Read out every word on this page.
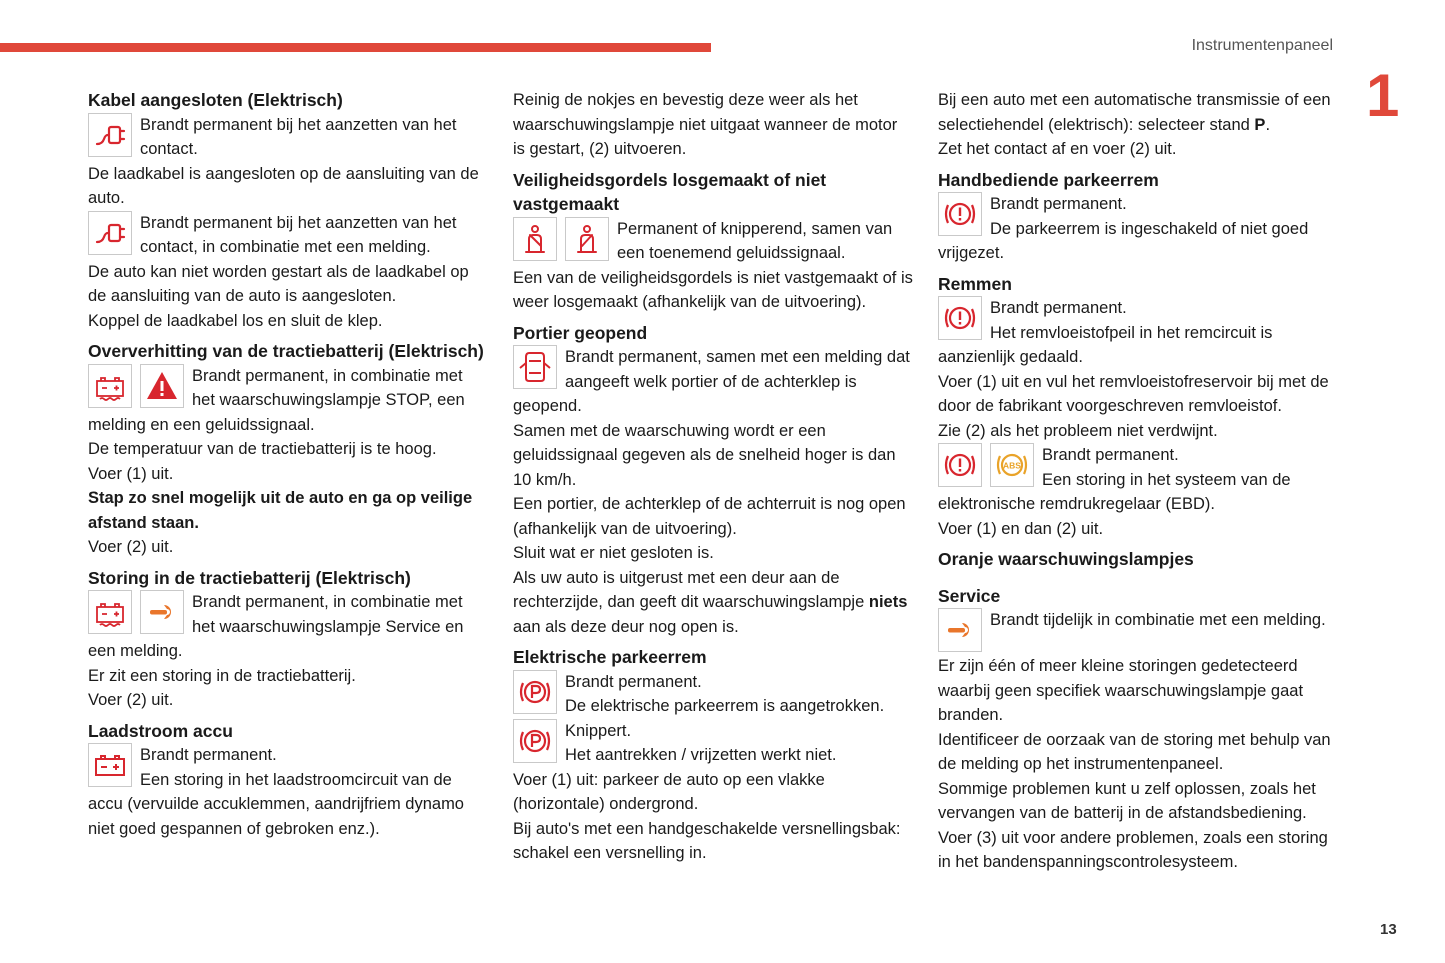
Instrumentenpaneel
1
13
Kabel aangesloten (Elektrisch)

Brandt permanent bij het aanzetten van het contact.

De laadkabel is aangesloten op de aansluiting van de auto.

Brandt permanent bij het aanzetten van het contact, in combinatie met een melding.

De auto kan niet worden gestart als de laadkabel op de aansluiting van de auto is aangesloten.

Koppel de laadkabel los en sluit de klep.

Oververhitting van de tractiebatterij (Elektrisch)

Brandt permanent, in combinatie met het waarschuwingslampje STOP, een melding en een geluidssignaal.

De temperatuur van de tractiebatterij is te hoog.

Voer (1) uit.

Stap zo snel mogelijk uit de auto en ga op veilige afstand staan.

Voer (2) uit.

Storing in de tractiebatterij (Elektrisch)

Brandt permanent, in combinatie met het waarschuwingslampje Service en een melding.

Er zit een storing in de tractiebatterij.

Voer (2) uit.

Laadstroom accu

Brandt permanent.

Een storing in het laadstroomcircuit van de accu (vervuilde accuklemmen, aandrijfriem dynamo niet goed gespannen of gebroken enz.).

Reinig de nokjes en bevestig deze weer als het waarschuwingslampje niet uitgaat wanneer de motor is gestart, (2) uitvoeren.

Veiligheidsgordels losgemaakt of niet vastgemaakt

Permanent of knipperend, samen van een toenemend geluidssignaal.

Een van de veiligheidsgordels is niet vastgemaakt of is weer losgemaakt (afhankelijk van de uitvoering).

Portier geopend

Brandt permanent, samen met een melding dat aangeeft welk portier of de achterklep is geopend.

Samen met de waarschuwing wordt er een geluidssignaal gegeven als de snelheid hoger is dan 10 km/h.

Een portier, de achterklep of de achterruit is nog open (afhankelijk van de uitvoering).

Sluit wat er niet gesloten is.

Als uw auto is uitgerust met een deur aan de rechterzijde, dan geeft dit waarschuwingslampje niets aan als deze deur nog open is.

Elektrische parkeerrem

Brandt permanent.

De elektrische parkeerrem is aangetrokken.

Knippert.

Het aantrekken / vrijzetten werkt niet.

Voer (1) uit: parkeer de auto op een vlakke (horizontale) ondergrond.

Bij auto's met een handgeschakelde versnellingsbak: schakel een versnelling in.

Bij een auto met een automatische transmissie of een selectiehendel (elektrisch): selecteer stand P.

Zet het contact af en voer (2) uit.

Handbediende parkeerrem

Brandt permanent.

De parkeerrem is ingeschakeld of niet goed vrijgezet.

Remmen

Brandt permanent.

Het remvloeistofpeil in het remcircuit is aanzienlijk gedaald.

Voer (1) uit en vul het remvloeistofreservoir bij met de door de fabrikant voorgeschreven remvloeistof.

Zie (2) als het probleem niet verdwijnt.

ABS

Brandt permanent.

Een storing in het systeem van de elektronische remdrukregelaar (EBD).

Voer (1) en dan (2) uit.

Oranje waarschuwingslampjes
Service

Brandt tijdelijk in combinatie met een melding.

Er zijn één of meer kleine storingen gedetecteerd waarbij geen specifiek waarschuwingslampje gaat branden.

Identificeer de oorzaak van de storing met behulp van de melding op het instrumentenpaneel.

Sommige problemen kunt u zelf oplossen, zoals het vervangen van de batterij in de afstandsbediening.

Voer (3) uit voor andere problemen, zoals een storing in het bandenspanningscontrolesysteem.
